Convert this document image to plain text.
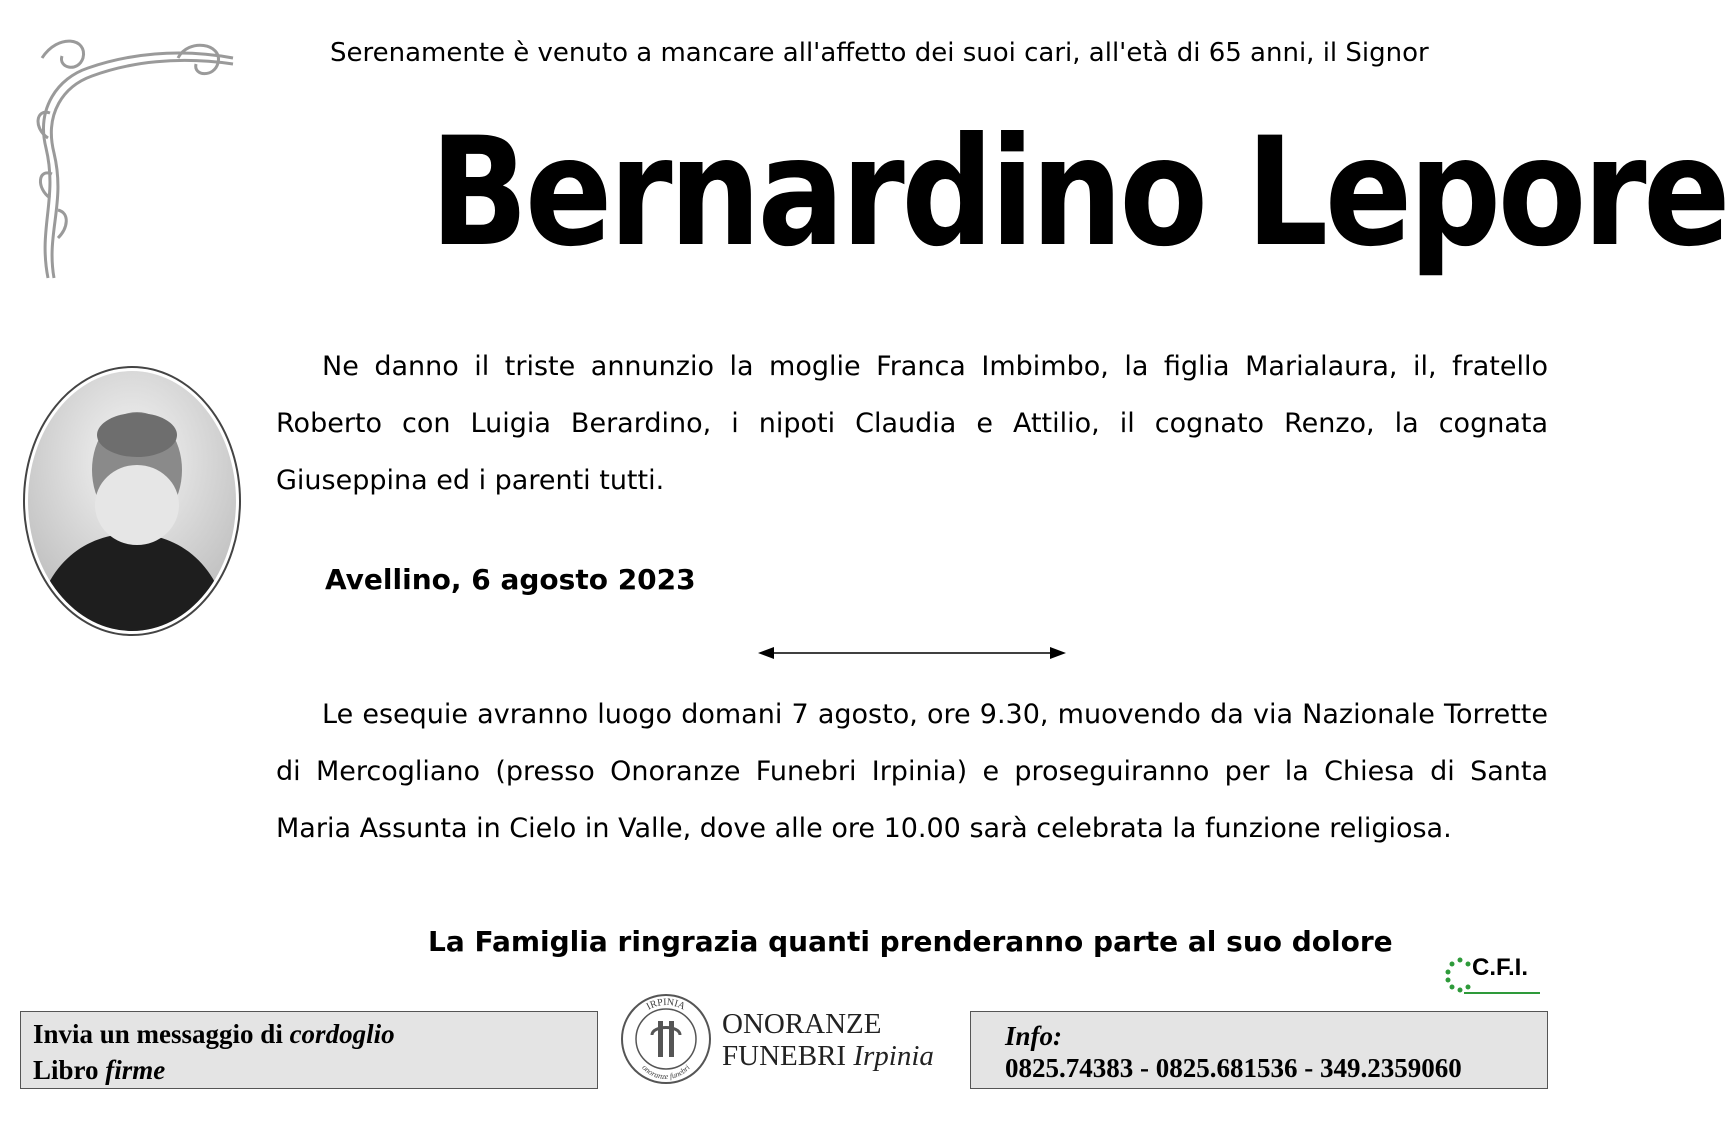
Serenamente è venuto a mancare all'affetto dei suoi cari, all'età di 65 anni, il Signor
Bernardino Lepore
Ne danno il triste annunzio la moglie Franca Imbimbo, la figlia Marialaura, il, fratello Roberto con Luigia Berardino, i nipoti Claudia e Attilio, il cognato Renzo, la cognata Giuseppina ed i parenti tutti.
Avellino, 6 agosto 2023
Le esequie avranno luogo domani 7 agosto, ore 9.30, muovendo da via Nazionale Torrette di Mercogliano (presso Onoranze Funebri Irpinia) e proseguiranno per la Chiesa di Santa Maria Assunta in Cielo in Valle, dove alle ore 10.00 sarà celebrata la funzione religiosa.
La Famiglia ringrazia quanti prenderanno parte al suo dolore
C.F.I.
Invia un messaggio di cordoglio
Libro firme
IRPINIA
onoranze funebri
ONORANZE
FUNEBRI Irpinia
Info:
0825.74383 - 0825.681536 - 349.2359060
